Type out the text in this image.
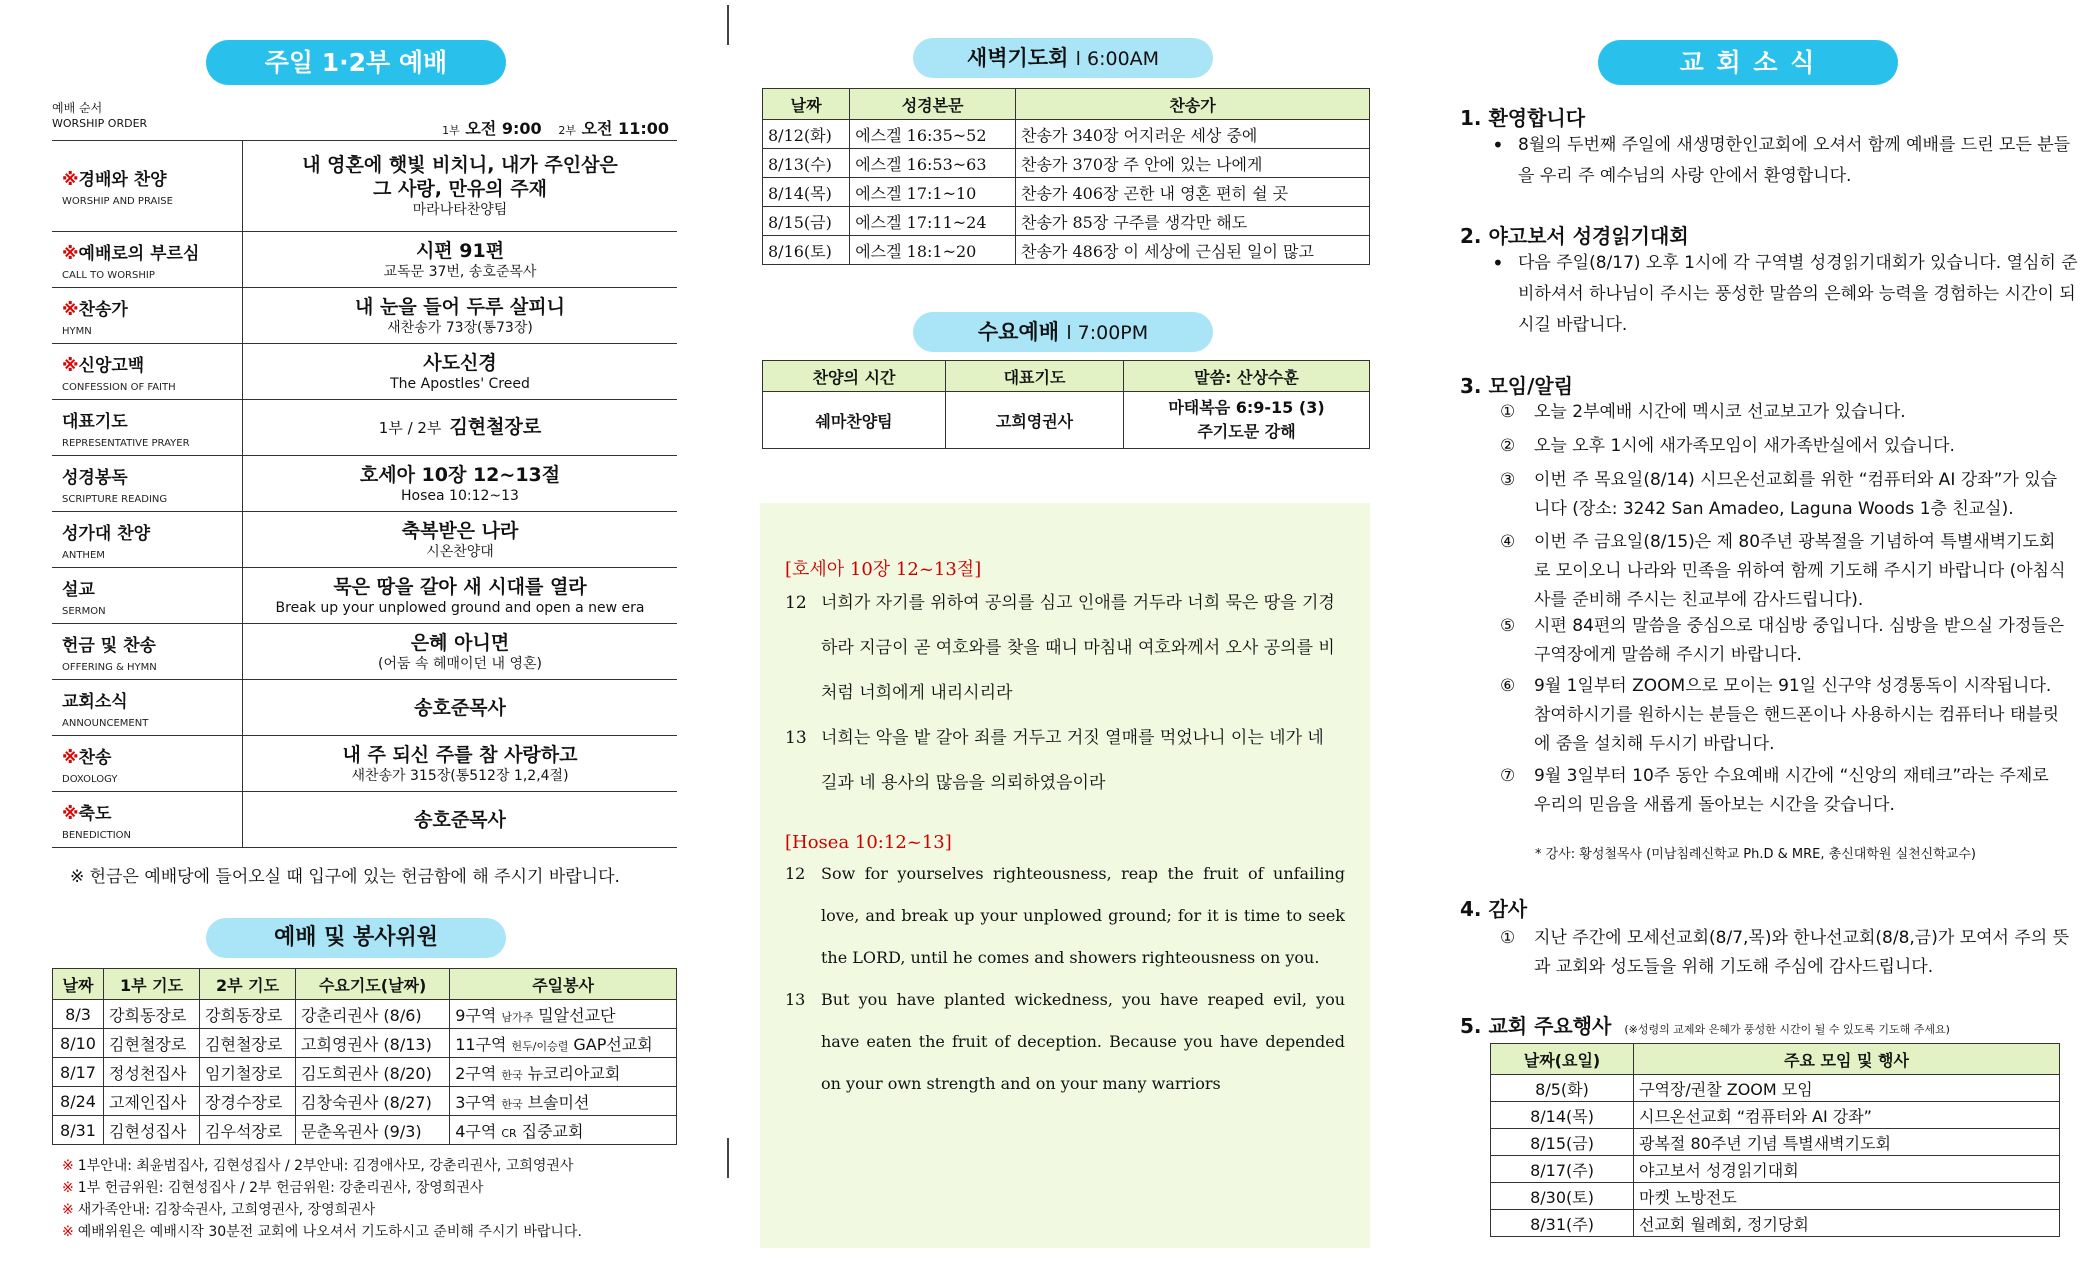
주일 1·2부 예배
예배 순서
WORSHIP ORDER
1부 오전 9:00 2부 오전 11:00
※경배와 찬양
WORSHIP AND PRAISE	내 영혼에 햇빛 비치니, 내가 주인삼은
그 사랑, 만유의 주재
마라나타찬양팀

※예배로의 부르심
CALL TO WORSHIP	시편 91편
교독문 37번, 송호준목사

※찬송가
HYMN	내 눈을 들어 두루 살피니
새찬송가 73장(통73장)

※신앙고백
CONFESSION OF FAITH	사도신경
The Apostles' Creed

대표기도
REPRESENTATIVE PRAYER	1부 / 2부 김현철장로

성경봉독
SCRIPTURE READING	호세아 10장 12~13절
Hosea 10:12~13

성가대 찬양
ANTHEM	축복받은 나라
시온찬양대

설교
SERMON	묵은 땅을 갈아 새 시대를 열라
Break up your unplowed ground and open a new era

헌금 및 찬송
OFFERING & HYMN	은혜 아니면
(어둠 속 헤매이던 내 영혼)

교회소식
ANNOUNCEMENT	송호준목사

※찬송
DOXOLOGY	내 주 되신 주를 참 사랑하고
새찬송가 315장(통512장 1,2,4절)

※축도
BENEDICTION	송호준목사
※ 헌금은 예배당에 들어오실 때 입구에 있는 헌금함에 해 주시기 바랍니다.
예배 및 봉사위원
날짜	1부 기도	2부 기도	수요기도(날짜)	주일봉사
8/3	강희동장로	강희동장로	강춘리권사 (8/6)	9구역 남가주 밀알선교단
8/10	김현철장로	김현철장로	고희영권사 (8/13)	11구역 헌두/이승렬 GAP선교회
8/17	정성천집사	임기철장로	김도희권사 (8/20)	2구역 한국 뉴코리아교회
8/24	고제인집사	장경수장로	김창숙권사 (8/27)	3구역 한국 브솔미션
8/31	김현성집사	김우석장로	문춘옥권사 (9/3)	4구역 CR 집중교회
※ 1부안내: 최윤범집사, 김현성집사 / 2부안내: 김경애사모, 강춘리권사, 고희영권사
※ 1부 헌금위원: 김현성집사 / 2부 헌금위원: 강춘리권사, 장영희권사
※ 새가족안내: 김창숙권사, 고희영권사, 장영희권사
※ 예배위원은 예배시작 30분전 교회에 나오셔서 기도하시고 준비해 주시기 바랍니다.
새벽기도회 l 6:00AM
날짜	성경본문	찬송가
8/12(화)	에스겔 16:35~52	찬송가 340장 어지러운 세상 중에
8/13(수)	에스겔 16:53~63	찬송가 370장 주 안에 있는 나에게
8/14(목)	에스겔 17:1~10	찬송가 406장 곤한 내 영혼 편히 쉴 곳
8/15(금)	에스겔 17:11~24	찬송가 85장 구주를 생각만 해도
8/16(토)	에스겔 18:1~20	찬송가 486장 이 세상에 근심된 일이 많고
수요예배 l 7:00PM
찬양의 시간	대표기도	말씀: 산상수훈
쉐마찬양팀	고희영권사	마태복음 6:9-15 (3)
주기도문 강해
[호세아 10장 12~13절]
12 너희가 자기를 위하여 공의를 심고 인애를 거두라 너희 묵은 땅을 기경하라 지금이 곧 여호와를 찾을 때니 마침내 여호와께서 오사 공의를 비처럼 너희에게 내리시리라
13 너희는 악을 밭 갈아 죄를 거두고 거짓 열매를 먹었나니 이는 네가 네 길과 네 용사의 많음을 의뢰하였음이라
[Hosea 10:12~13]
12 Sow for yourselves righteousness, reap the fruit of unfailing love, and break up your unplowed ground; for it is time to seek the LORD, until he comes and showers righteousness on you.
13 But you have planted wickedness, you have reaped evil, you have eaten the fruit of deception. Because you have depended on your own strength and on your many warriors
교 회 소 식
1. 환영합니다
• 8월의 두번째 주일에 새생명한인교회에 오셔서 함께 예배를 드린 모든 분들을 우리 주 예수님의 사랑 안에서 환영합니다.
2. 야고보서 성경읽기대회
• 다음 주일(8/17) 오후 1시에 각 구역별 성경읽기대회가 있습니다. 열심히 준비하셔서 하나님이 주시는 풍성한 말씀의 은혜와 능력을 경험하는 시간이 되시길 바랍니다.
3. 모임/알림
① 오늘 2부예배 시간에 멕시코 선교보고가 있습니다.
② 오늘 오후 1시에 새가족모임이 새가족반실에서 있습니다.
③ 이번 주 목요일(8/14) 시므온선교회를 위한 “컴퓨터와 AI 강좌”가 있습니다 (장소: 3242 San Amadeo, Laguna Woods 1층 친교실).
④ 이번 주 금요일(8/15)은 제 80주년 광복절을 기념하여 특별새벽기도회로 모이오니 나라와 민족을 위하여 함께 기도해 주시기 바랍니다 (아침식사를 준비해 주시는 친교부에 감사드립니다).
⑤ 시편 84편의 말씀을 중심으로 대심방 중입니다. 심방을 받으실 가정들은 구역장에게 말씀해 주시기 바랍니다.
⑥ 9월 1일부터 ZOOM으로 모이는 91일 신구약 성경통독이 시작됩니다. 참여하시기를 원하시는 분들은 핸드폰이나 사용하시는 컴퓨터나 태블릿에 줌을 설치해 두시기 바랍니다.
⑦ 9월 3일부터 10주 동안 수요예배 시간에 “신앙의 재테크”라는 주제로 우리의 믿음을 새롭게 돌아보는 시간을 갖습니다.
* 강사: 황성철목사 (미남침례신학교 Ph.D & MRE, 총신대학원 실천신학교수)
4. 감사
① 지난 주간에 모세선교회(8/7,목)와 한나선교회(8/8,금)가 모여서 주의 뜻과 교회와 성도들을 위해 기도해 주심에 감사드립니다.
5. 교회 주요행사 (※성령의 교제와 은혜가 풍성한 시간이 될 수 있도록 기도해 주세요)
날짜(요일)	주요 모임 및 행사
8/5(화)	구역장/권찰 ZOOM 모임
8/14(목)	시므온선교회 “컴퓨터와 AI 강좌”
8/15(금)	광복절 80주년 기념 특별새벽기도회
8/17(주)	야고보서 성경읽기대회
8/30(토)	마켓 노방전도
8/31(주)	선교회 월례회, 정기당회
